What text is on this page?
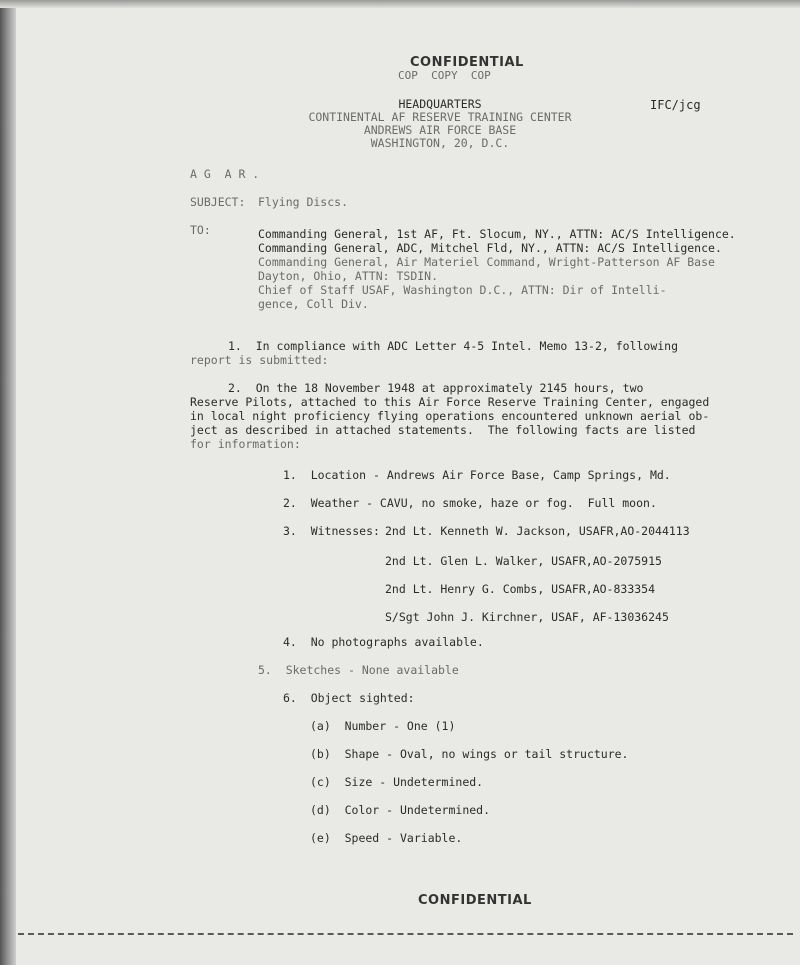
CONFIDENTIAL
COP  COPY  COP
HEADQUARTERS
CONTINENTAL AF RESERVE TRAINING CENTER
ANDREWS AIR FORCE BASE
WASHINGTON, 20, D.C.
IFC/jcg
A G  A R .
SUBJECT: Flying Discs.
TO:	Commanding General, 1st AF, Ft. Slocum, NY., ATTN: AC/S Intelligence.
Commanding General, ADC, Mitchel Fld, NY., ATTN: AC/S Intelligence.
Commanding General, Air Materiel Command, Wright-Patterson AF Base
Dayton, Ohio, ATTN: TSDIN.
Chief of Staff USAF, Washington D.C., ATTN: Dir of Intelli-
gence, Coll Div.
1.  In compliance with ADC Letter 4-5 Intel. Memo 13-2, following
report is submitted:
2.  On the 18 November 1948 at approximately 2145 hours, two
Reserve Pilots, attached to this Air Force Reserve Training Center, engaged
in local night proficiency flying operations encountered unknown aerial ob-
ject as described in attached statements.  The following facts are listed
for information:
1.  Location - Andrews Air Force Base, Camp Springs, Md.
2.  Weather - CAVU, no smoke, haze or fog.  Full moon.
3.  Witnesses: 2nd Lt. Kenneth W. Jackson, USAFR,AO-2044113
2nd Lt. Glen L. Walker, USAFR,AO-2075915
2nd Lt. Henry G. Combs, USAFR,AO-833354
S/Sgt John J. Kirchner, USAF, AF-13036245
4.  No photographs available.
5.  Sketches - None available
6.  Object sighted:
(a)  Number - One (1)
(b)  Shape - Oval, no wings or tail structure.
(c)  Size - Undetermined.
(d)  Color - Undetermined.
(e)  Speed - Variable.
CONFIDENTIAL
